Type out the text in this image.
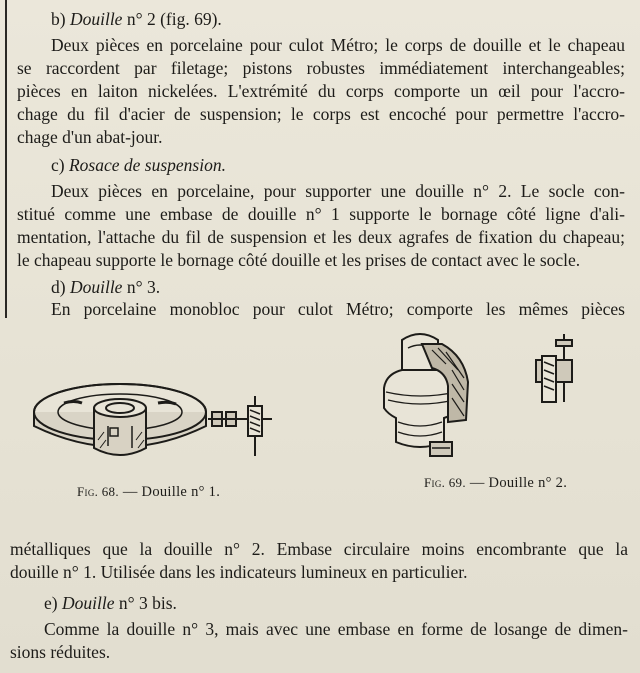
b) Douille n° 2 (fig. 69).
Deux pièces en porcelaine pour culot Métro; le corps de douille et le chapeau
se raccordent par filetage; pistons robustes immédiatement interchangeables;
pièces en laiton nickelées. L'extrémité du corps comporte un œil pour l'accro-
chage du fil d'acier de suspension; le corps est encoché pour permettre l'accro-
chage d'un abat-jour.
c) Rosace de suspension.
Deux pièces en porcelaine, pour supporter une douille n° 2. Le socle con-
stitué comme une embase de douille n° 1 supporte le bornage côté ligne d'ali-
mentation, l'attache du fil de suspension et les deux agrafes de fixation du chapeau;
le chapeau supporte le bornage côté douille et les prises de contact avec le socle.
d) Douille n° 3.
En porcelaine monobloc pour culot Métro; comporte les mêmes pièces
Fig. 68. — Douille n° 1.
Fig. 69. — Douille n° 2.
métalliques que la douille n° 2. Embase circulaire moins encombrante que la
douille n° 1. Utilisée dans les indicateurs lumineux en particulier.
e) Douille n° 3 bis.
Comme la douille n° 3, mais avec une embase en forme de losange de dimen-
sions réduites.
